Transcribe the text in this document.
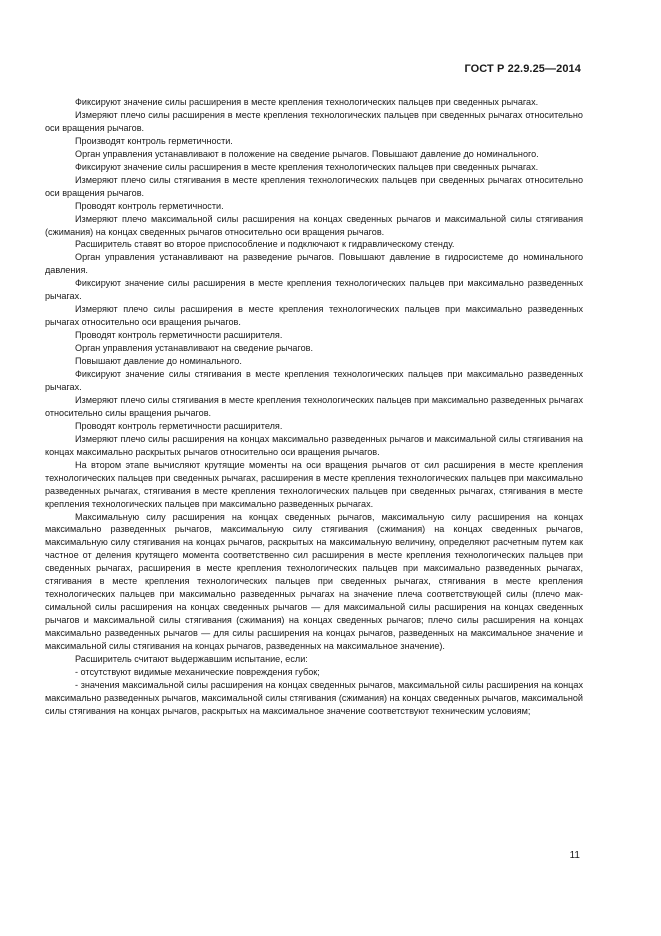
ГОСТ Р 22.9.25—2014

Фиксируют значение силы расширения в месте крепления технологических пальцев при сведенных рычагах.

Измеряют плечо силы расширения в месте крепления технологических пальцев при сведенных рычагах относительно оси вращения рычагов.

Производят контроль герметичности.

Орган управления устанавливают в положение на сведение рычагов. Повышают давление до номинального.

Фиксируют значение силы расширения в месте крепления технологических пальцев при сведенных рычагах.

Измеряют плечо силы стягивания в месте крепления технологических пальцев при сведенных рычагах относительно оси вращения рычагов.

Проводят контроль герметичности.

Измеряют плечо максимальной силы расширения на концах сведенных рычагов и максимальной силы стягивания (сжимания) на концах сведенных рычагов относительно оси вращения рычагов.

Расширитель ставят во второе приспособление и подключают к гидравлическому стенду.

Орган управления устанавливают на разведение рычагов. Повышают давление в гидросистеме до номинального давления.

Фиксируют значение силы расширения в месте крепления технологических пальцев при максимально разведенных рычагах.

Измеряют плечо силы расширения в месте крепления технологических пальцев при максимально разведенных рычагах относительно оси вращения рычагов.

Проводят контроль герметичности расширителя.

Орган управления устанавливают на сведение рычагов.

Повышают давление до номинального.

Фиксируют значение силы стягивания в месте крепления технологических пальцев при максимально разведенных рычагах.

Измеряют плечо силы стягивания в месте крепления технологических пальцев при максимально разведенных рычагах относительно силы вращения рычагов.

Проводят контроль герметичности расширителя.

Измеряют плечо силы расширения на концах максимально разведенных рычагов и максимальной силы стягивания на концах максимально раскрытых рычагов относительно оси вращения рычагов.

На втором этапе вычисляют крутящие моменты на оси вращения рычагов от сил расширения в месте крепления технологических пальцев при сведенных рычагах, расширения в месте крепления технологических пальцев при максимально разведенных рычагах, стягивания в месте крепления технологических пальцев при сведенных рычагах, стягивания в месте крепления технологических пальцев при максимально разведенных рычагах.

Максимальную силу расширения на концах сведенных рычагов, максимальную силу расширения на концах максимально разведенных рычагов, максимальную силу стягивания (сжимания) на концах сведенных рычагов, максимальную силу стягивания на концах рычагов, раскрытых на максимальную величину, определяют расчетным путем как частное от деления крутящего момента соответственно сил расширения в месте крепления технологических пальцев при сведенных рычагах, расширения в месте крепления технологических пальцев при максимально разведенных рычагах, стягивания в месте крепления технологических пальцев при сведенных рычагах, стягивания в месте крепления технологических пальцев при максимально разведенных рычагах на значение плеча соответствующей силы (плечо максимальной силы расширения на концах сведенных рычагов — для максимальной силы расширения на концах сведенных рычагов и максимальной силы стягивания (сжимания) на концах сведенных рычагов; плечо силы расширения на концах максимально разведенных рычагов — для силы расширения на концах рычагов, разведенных на максимальное значение и максимальной силы стягивания на концах рычагов, разведенных на максимальное значение).

Расширитель считают выдержавшим испытание, если:

- отсутствуют видимые механические повреждения губок;

- значения максимальной силы расширения на концах сведенных рычагов, максимальной силы расширения на концах максимально разведенных рычагов, максимальной силы стягивания (сжимания) на концах сведенных рычагов, максимальной силы стягивания на концах рычагов, раскрытых на максимальное значение соответствуют техническим условиям;

11
